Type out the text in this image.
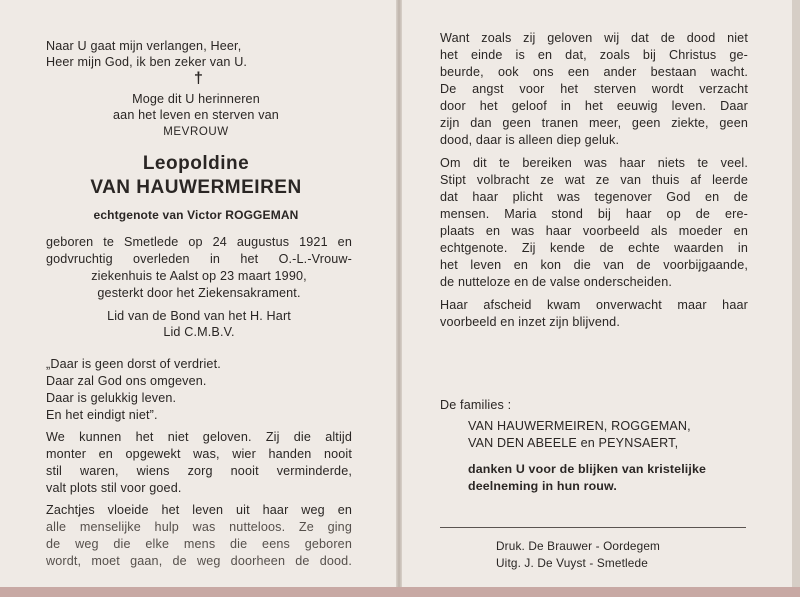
Naar U gaat mijn verlangen, Heer,
Heer mijn God, ik ben zeker van U.
†
Moge dit U herinneren
aan het leven en sterven van
MEVROUW
Leopoldine
VAN HAUWERMEIREN
echtgenote van Victor ROGGEMAN
geboren te Smetlede op 24 augustus 1921 en
godvruchtig overleden in het O.-L.-Vrouw-
ziekenhuis te Aalst op 23 maart 1990,
gesterkt door het Ziekensakrament.
Lid van de Bond van het H. Hart
Lid C.M.B.V.
„Daar is geen dorst of verdriet.
Daar zal God ons omgeven.
Daar is gelukkig leven.
En het eindigt niet”.
We kunnen het niet geloven. Zij die altijd
monter en opgewekt was, wier handen nooit
stil waren, wiens zorg nooit verminderde,
valt plots stil voor goed.
Zachtjes vloeide het leven uit haar weg en
alle menselijke hulp was nutteloos. Ze ging
de weg die elke mens die eens geboren
wordt, moet gaan, de weg doorheen de dood.
Want zoals zij geloven wij dat de dood niet
het einde is en dat, zoals bij Christus ge-
beurde, ook ons een ander bestaan wacht.
De angst voor het sterven wordt verzacht
door het geloof in het eeuwig leven. Daar
zijn dan geen tranen meer, geen ziekte, geen
dood, daar is alleen diep geluk.
Om dit te bereiken was haar niets te veel.
Stipt volbracht ze wat ze van thuis af leerde
dat haar plicht was tegenover God en de
mensen. Maria stond bij haar op de ere-
plaats en was haar voorbeeld als moeder en
echtgenote. Zij kende de echte waarden in
het leven en kon die van de voorbijgaande,
de nutteloze en de valse onderscheiden.
Haar afscheid kwam onverwacht maar haar
voorbeeld en inzet zijn blijvend.
De families :
VAN HAUWERMEIREN, ROGGEMAN,
VAN DEN ABEELE en PEYNSAERT,
danken U voor de blijken van kristelijke
deelneming in hun rouw.
Druk. De Brauwer - Oordegem
Uitg. J. De Vuyst - Smetlede
